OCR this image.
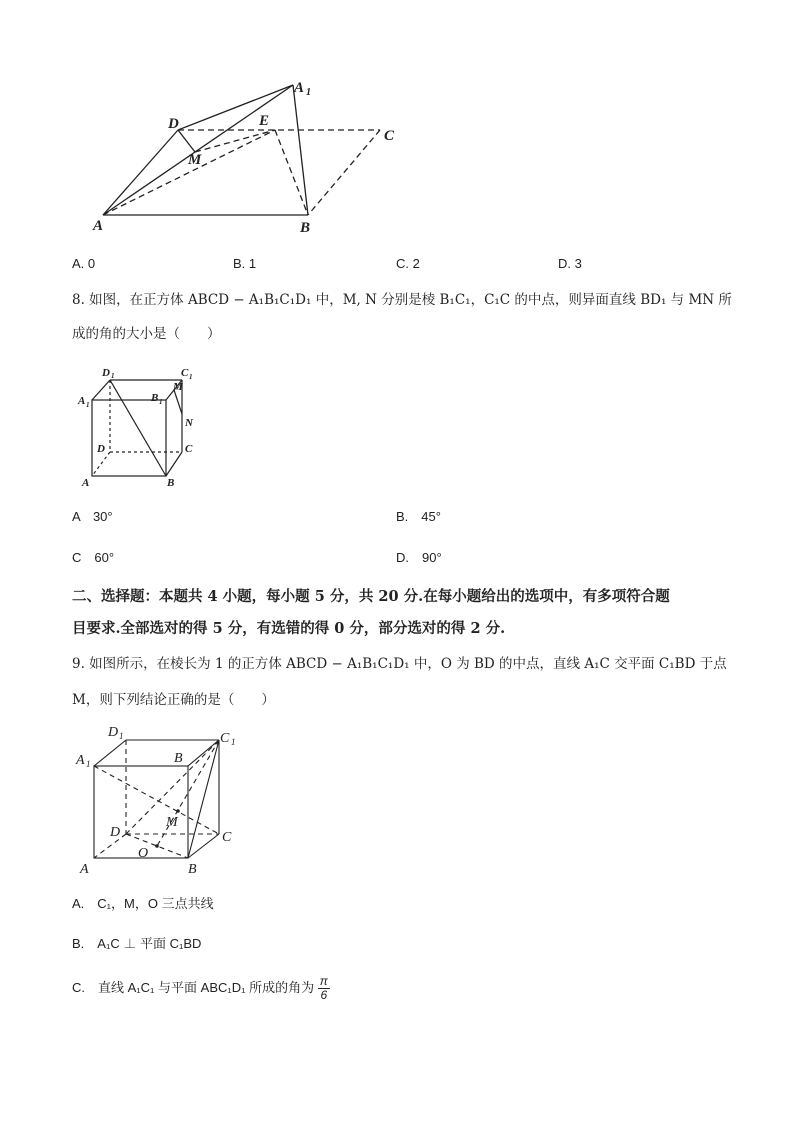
A 1
D	E
C
M
A	B
A. 0	B. 1	C. 2	D. 3
8. 如图，在正方体 ABCD − A₁B₁C₁D₁ 中，M, N 分别是棱 B₁C₁，C₁C 的中点，则异面直线 BD₁ 与 MN 所
成的角的大小是（　　）
D 1	C 1
A 1
B 1
M
N
D	C
A	B
A　30°	B.　45°
C　60°	D.　90°
二、选择题：本题共 4 小题，每小题 5 分，共 20 分.在每小题给出的选项中，有多项符合题
目要求.全部选对的得 5 分，有选错的得 0 分，部分选对的得 2 分.
9. 如图所示，在棱长为 1 的正方体 ABCD − A₁B₁C₁D₁ 中，O 为 BD 的中点，直线 A₁C 交平面 C₁BD 于点
M，则下列结论正确的是（　　）
D 1	C 1
A 1	B
M
D	C
O
A	B
A.　C₁，M，O 三点共线
B.　A₁C ⊥ 平面 C₁BD
C.　直线 A₁C₁ 与平面 ABC₁D₁ 所成的角为 $\frac{\pi}{6}$
